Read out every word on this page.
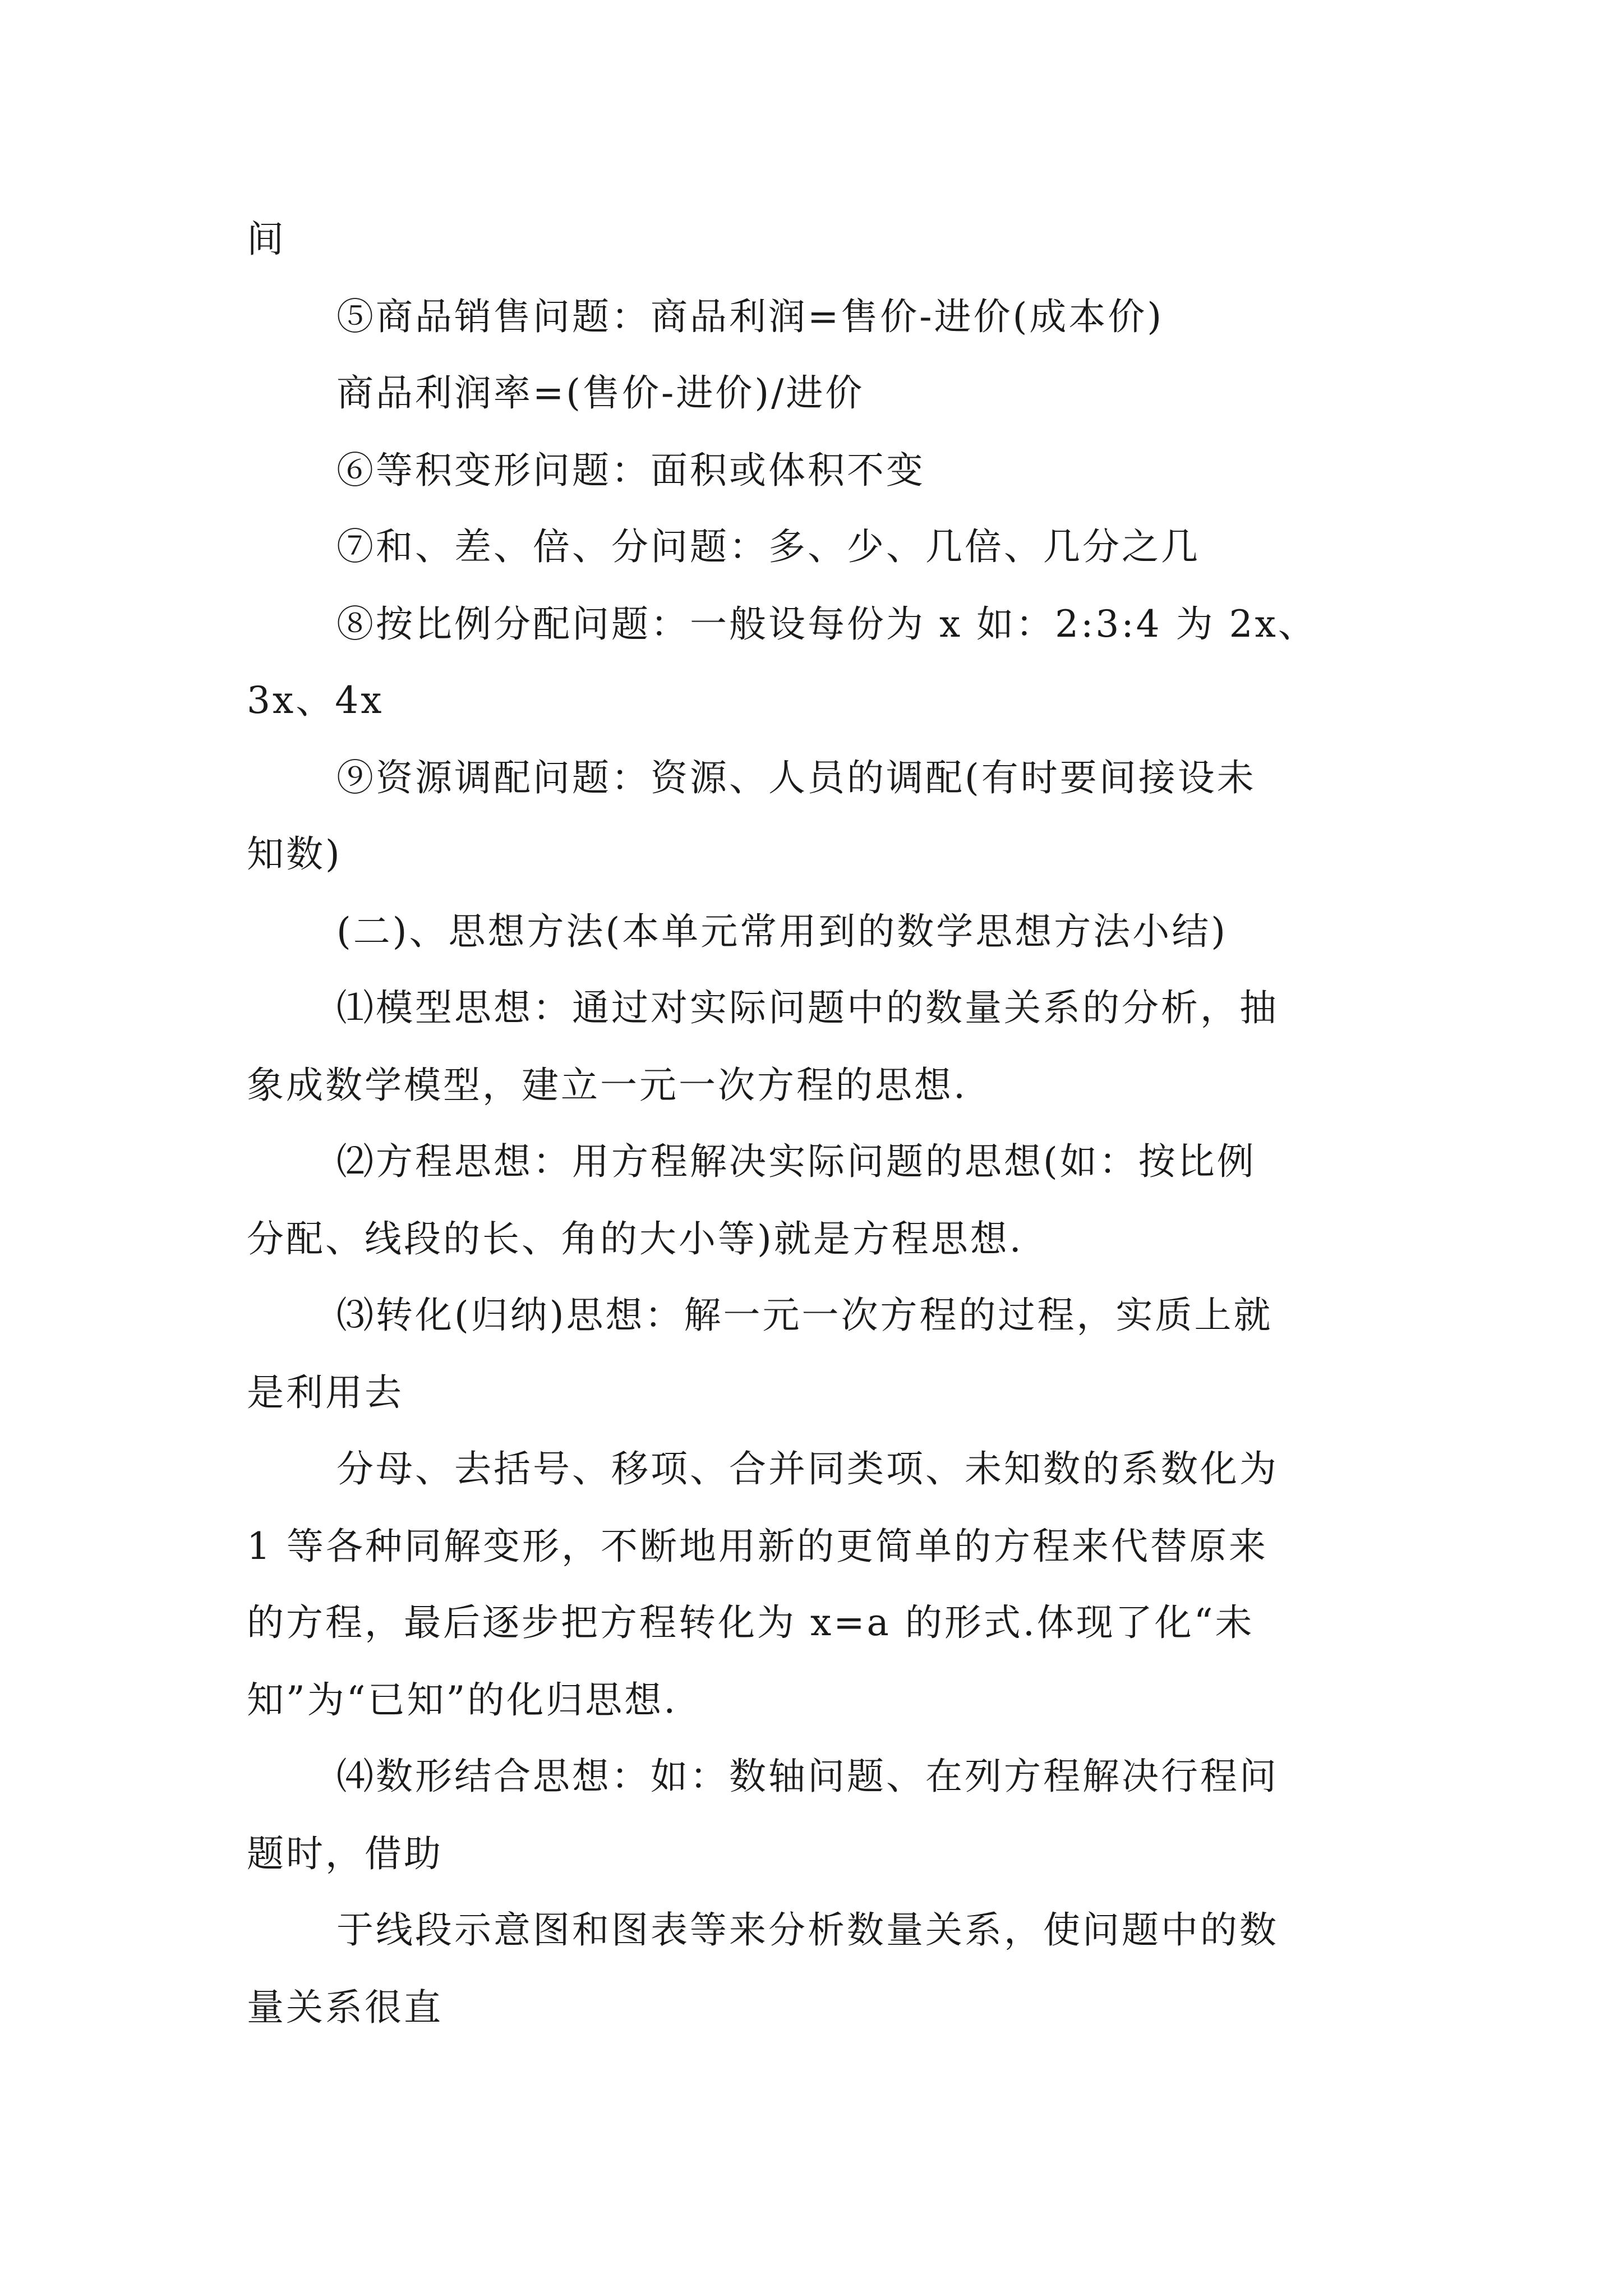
间
⑤商品销售问题：商品利润=售价-进价(成本价)
商品利润率=(售价-进价)/进价
⑥等积变形问题：面积或体积不变
⑦和、差、倍、分问题：多、少、几倍、几分之几
⑧按比例分配问题：一般设每份为 x 如：2:3:4 为 2x、
3x、4x
⑨资源调配问题：资源、人员的调配(有时要间接设未
知数)
(二)、思想方法(本单元常用到的数学思想方法小结)
⑴模型思想：通过对实际问题中的数量关系的分析，抽
象成数学模型，建立一元一次方程的思想.
⑵方程思想：用方程解决实际问题的思想(如：按比例
分配、线段的长、角的大小等)就是方程思想.
⑶转化(归纳)思想：解一元一次方程的过程，实质上就
是利用去
分母、去括号、移项、合并同类项、未知数的系数化为
1 等各种同解变形，不断地用新的更简单的方程来代替原来
的方程，最后逐步把方程转化为 x=a 的形式.体现了化“未
知”为“已知”的化归思想.
⑷数形结合思想：如：数轴问题、在列方程解决行程问
题时，借助
于线段示意图和图表等来分析数量关系，使问题中的数
量关系很直
